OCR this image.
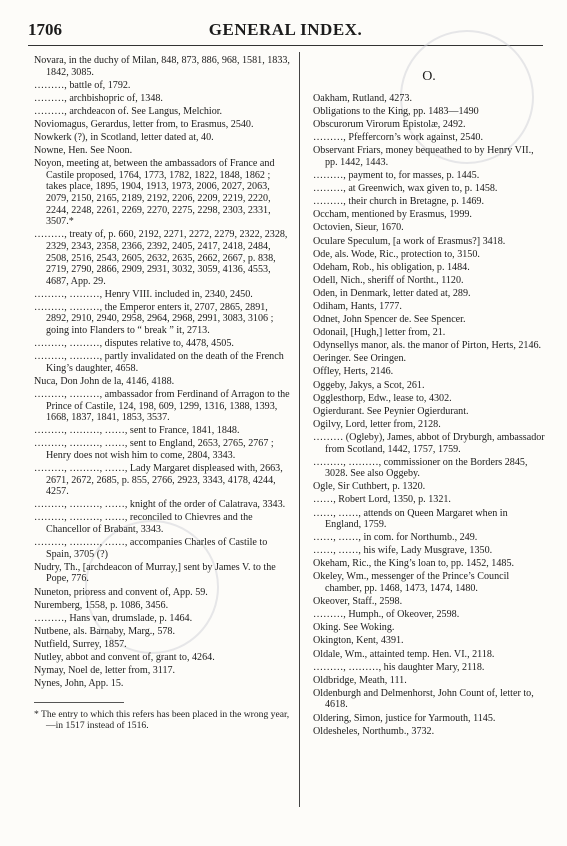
1706	GENERAL INDEX.
Novara, in the duchy of Milan, 848, 873, 886, 968, 1581, 1833, 1842, 3085.
………, battle of, 1792.
………, archbishopric of, 1348.
………, archdeacon of. See Langus, Melchior.
Noviomagus, Gerardus, letter from, to Erasmus, 2540.
Nowkerk (?), in Scotland, letter dated at, 40.
Nowne, Hen. See Noon.
Noyon, meeting at, between the ambassadors of France and Castile proposed, 1764, 1773, 1782, 1822, 1848, 1862 ; takes place, 1895, 1904, 1913, 1973, 2006, 2027, 2063, 2079, 2150, 2165, 2189, 2192, 2206, 2209, 2219, 2220, 2244, 2248, 2261, 2269, 2270, 2275, 2298, 2303, 2331, 3507.*
………, treaty of, p. 660, 2192, 2271, 2272, 2279, 2322, 2328, 2329, 2343, 2358, 2366, 2392, 2405, 2417, 2418, 2484, 2508, 2516, 2543, 2605, 2632, 2635, 2662, 2667, p. 838, 2719, 2790, 2866, 2909, 2931, 3032, 3059, 4136, 4553, 4687, App. 29.
………, ………, Henry VIII. included in, 2340, 2450.
………, ………, the Emperor enters it, 2707, 2865, 2891, 2892, 2910, 2940, 2958, 2964, 2968, 2991, 3083, 3106 ; going into Flanders to “ break ” it, 2713.
………, ………, disputes relative to, 4478, 4505.
………, ………, partly invalidated on the death of the French King’s daughter, 4658.
Nuca, Don John de la, 4146, 4188.
………, ………, ambassador from Ferdinand of Arragon to the Prince of Castile, 124, 198, 609, 1299, 1316, 1388, 1393, 1668, 1837, 1841, 1853, 3537.
………, ………, ……, sent to France, 1841, 1848.
………, ………, ……, sent to England, 2653, 2765, 2767 ; Henry does not wish him to come, 2804, 3343.
………, ………, ……, Lady Margaret displeased with, 2663, 2671, 2672, 2685, p. 855, 2766, 2923, 3343, 4178, 4244, 4257.
………, ………, ……, knight of the order of Calatrava, 3343.
………, ………, ……, reconciled to Chievres and the Chancellor of Brabant, 3343.
………, ………, ……, accompanies Charles of Castile to Spain, 3705 (?)
Nudry, Th., [archdeacon of Murray,] sent by James V. to the Pope, 776.
Nuneton, prioress and convent of, App. 59.
Nuremberg, 1558, p. 1086, 3456.
………, Hans van, drumslade, p. 1464.
Nutbene, als. Barnaby, Marg., 578.
Nutfield, Surrey, 1857.
Nutley, abbot and convent of, grant to, 4264.
Nymay, Noel de, letter from, 3117.
Nynes, John, App. 15.
* The entry to which this refers has been placed in the wrong year,—in 1517 instead of 1516.
O.
Oakham, Rutland, 4273.
Obligations to the King, pp. 1483—1490
Obscurorum Virorum Epistolæ, 2492.
………, Pfeffercorn’s work against, 2540.
Observant Friars, money bequeathed to by Henry VII., pp. 1442, 1443.
………, payment to, for masses, p. 1445.
………, at Greenwich, wax given to, p. 1458.
………, their church in Bretagne, p. 1469.
Occham, mentioned by Erasmus, 1999.
Octovien, Sieur, 1670.
Oculare Speculum, [a work of Erasmus?] 3418.
Ode, als. Wode, Ric., protection to, 3150.
Odeham, Rob., his obligation, p. 1484.
Odell, Nich., sheriff of Northt., 1120.
Oden, in Denmark, letter dated at, 289.
Odiham, Hants, 1777.
Odnet, John Spencer de. See Spencer.
Odonail, [Hugh,] letter from, 21.
Odynsellys manor, als. the manor of Pirton, Herts, 2146.
Oeringer. See Oringen.
Offley, Herts, 2146.
Oggeby, Jakys, a Scot, 261.
Ogglesthorp, Edw., lease to, 4302.
Ogierdurant. See Peynier Ogierdurant.
Ogilvy, Lord, letter from, 2128.
……… (Ogleby), James, abbot of Dryburgh, ambassador from Scotland, 1442, 1757, 1759.
………, ………, commissioner on the Borders 2845, 3028. See also Oggeby.
Ogle, Sir Cuthbert, p. 1320.
……, Robert Lord, 1350, p. 1321.
……, ……, attends on Queen Margaret when in England, 1759.
……, ……, in com. for Northumb., 249.
……, ……, his wife, Lady Musgrave, 1350.
Okeham, Ric., the King’s loan to, pp. 1452, 1485.
Okeley, Wm., messenger of the Prince’s Council chamber, pp. 1468, 1473, 1474, 1480.
Okeover, Staff., 2598.
………, Humph., of Okeover, 2598.
Oking. See Woking.
Okington, Kent, 4391.
Oldale, Wm., attainted temp. Hen. VI., 2118.
………, ………, his daughter Mary, 2118.
Oldbridge, Meath, 111.
Oldenburgh and Delmenhorst, John Count of, letter to, 4618.
Oldering, Simon, justice for Yarmouth, 1145.
Oldesheles, Northumb., 3732.
